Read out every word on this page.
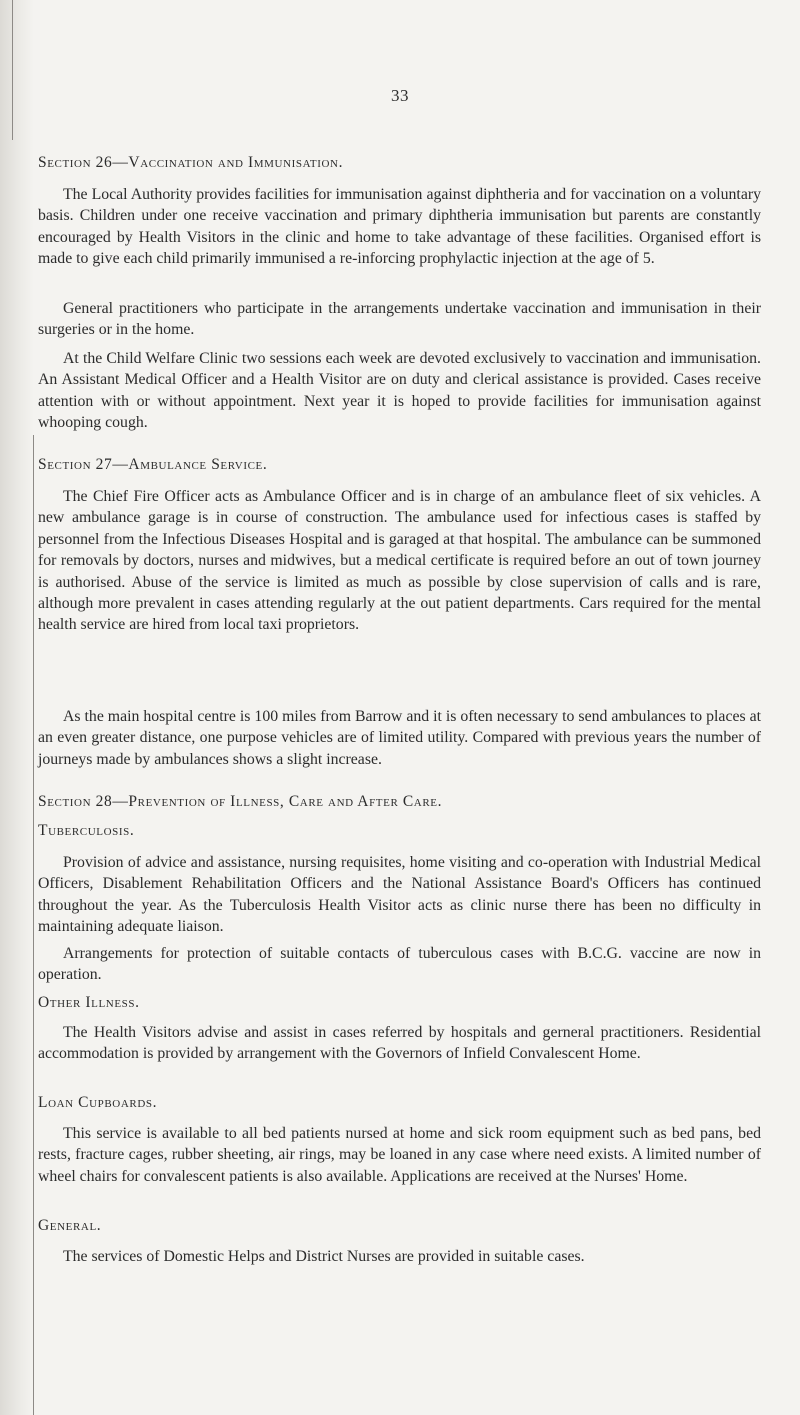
33
Section 26—Vaccination and Immunisation.

The Local Authority provides facilities for immunisation against diphtheria and for vaccination on a voluntary basis. Children under one receive vaccination and primary diphtheria immunisation but parents are constantly encouraged by Health Visitors in the clinic and home to take advantage of these facilities. Organised effort is made to give each child primarily immunised a re-inforcing prophylactic injection at the age of 5.

General practitioners who participate in the arrangements undertake vaccination and immunisation in their surgeries or in the home.

At the Child Welfare Clinic two sessions each week are devoted exclusively to vaccination and immunisation. An Assistant Medical Officer and a Health Visitor are on duty and clerical assistance is provided. Cases receive attention with or without appointment. Next year it is hoped to provide facilities for immunisation against whooping cough.

Section 27—Ambulance Service.

The Chief Fire Officer acts as Ambulance Officer and is in charge of an ambulance fleet of six vehicles. A new ambulance garage is in course of construction. The ambulance used for infectious cases is staffed by personnel from the Infectious Diseases Hospital and is garaged at that hospital. The ambulance can be summoned for removals by doctors, nurses and midwives, but a medical certificate is required before an out of town journey is authorised. Abuse of the service is limited as much as possible by close supervision of calls and is rare, although more prevalent in cases attending regularly at the out patient departments. Cars required for the mental health service are hired from local taxi proprietors.

As the main hospital centre is 100 miles from Barrow and it is often necessary to send ambulances to places at an even greater distance, one purpose vehicles are of limited utility. Compared with previous years the number of journeys made by ambulances shows a slight increase.

Section 28—Prevention of Illness, Care and After Care.
Tuberculosis.

Provision of advice and assistance, nursing requisites, home visiting and co-operation with Industrial Medical Officers, Disablement Rehabilitation Officers and the National Assistance Board's Officers has continued throughout the year. As the Tuberculosis Health Visitor acts as clinic nurse there has been no difficulty in maintaining adequate liaison.

Arrangements for protection of suitable contacts of tuberculous cases with B.C.G. vaccine are now in operation.

Other Illness.

The Health Visitors advise and assist in cases referred by hospitals and gerneral practitioners. Residential accommodation is provided by arrangement with the Governors of Infield Convalescent Home.

Loan Cupboards.

This service is available to all bed patients nursed at home and sick room equipment such as bed pans, bed rests, fracture cages, rubber sheeting, air rings, may be loaned in any case where need exists. A limited number of wheel chairs for convalescent patients is also available. Applications are received at the Nurses' Home.

General.

The services of Domestic Helps and District Nurses are provided in suitable cases.
